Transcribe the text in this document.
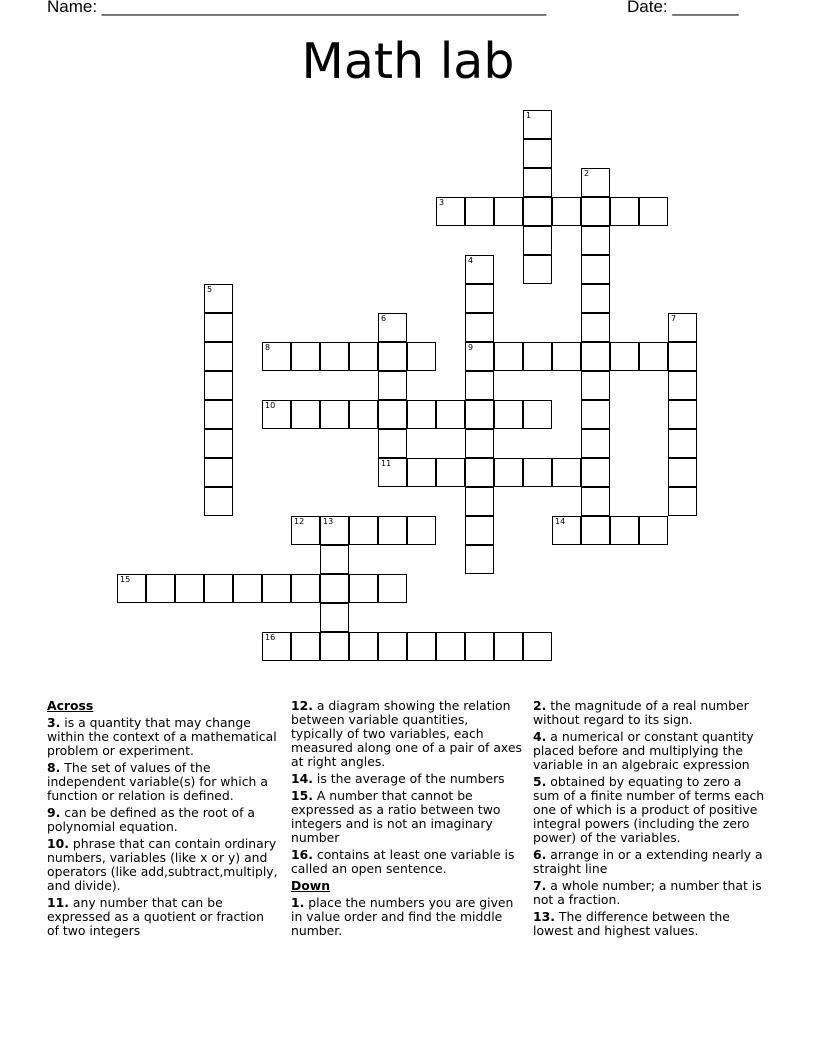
Name: _______________________________________________	Date: _______
Math lab
1
2
3
4
9
5
6
11
7
8
10
12 13	14
15
16
Across
3. is a quantity that may change within the context of a mathematical problem or experiment.
8. The set of values of the independent variable(s) for which a function or relation is defined.
9. can be defined as the root of a polynomial equation.
10. phrase that can contain ordinary numbers, variables (like x or y) and operators (like add,subtract,multiply, and divide).
11. any number that can be expressed as a quotient or fraction of two integers
12. a diagram showing the relation between variable quantities, typically of two variables, each measured along one of a pair of axes at right angles.
14. is the average of the numbers
15. A number that cannot be expressed as a ratio between two integers and is not an imaginary number
16. contains at least one variable is called an open sentence.
Down
1. place the numbers you are given in value order and find the middle number.
2. the magnitude of a real number without regard to its sign.
4. a numerical or constant quantity placed before and multiplying the variable in an algebraic expression
5. obtained by equating to zero a sum of a finite number of terms each one of which is a product of positive integral powers (including the zero power) of the variables.
6. arrange in or a extending nearly a straight line
7. a whole number; a number that is not a fraction.
13. The difference between the lowest and highest values.
